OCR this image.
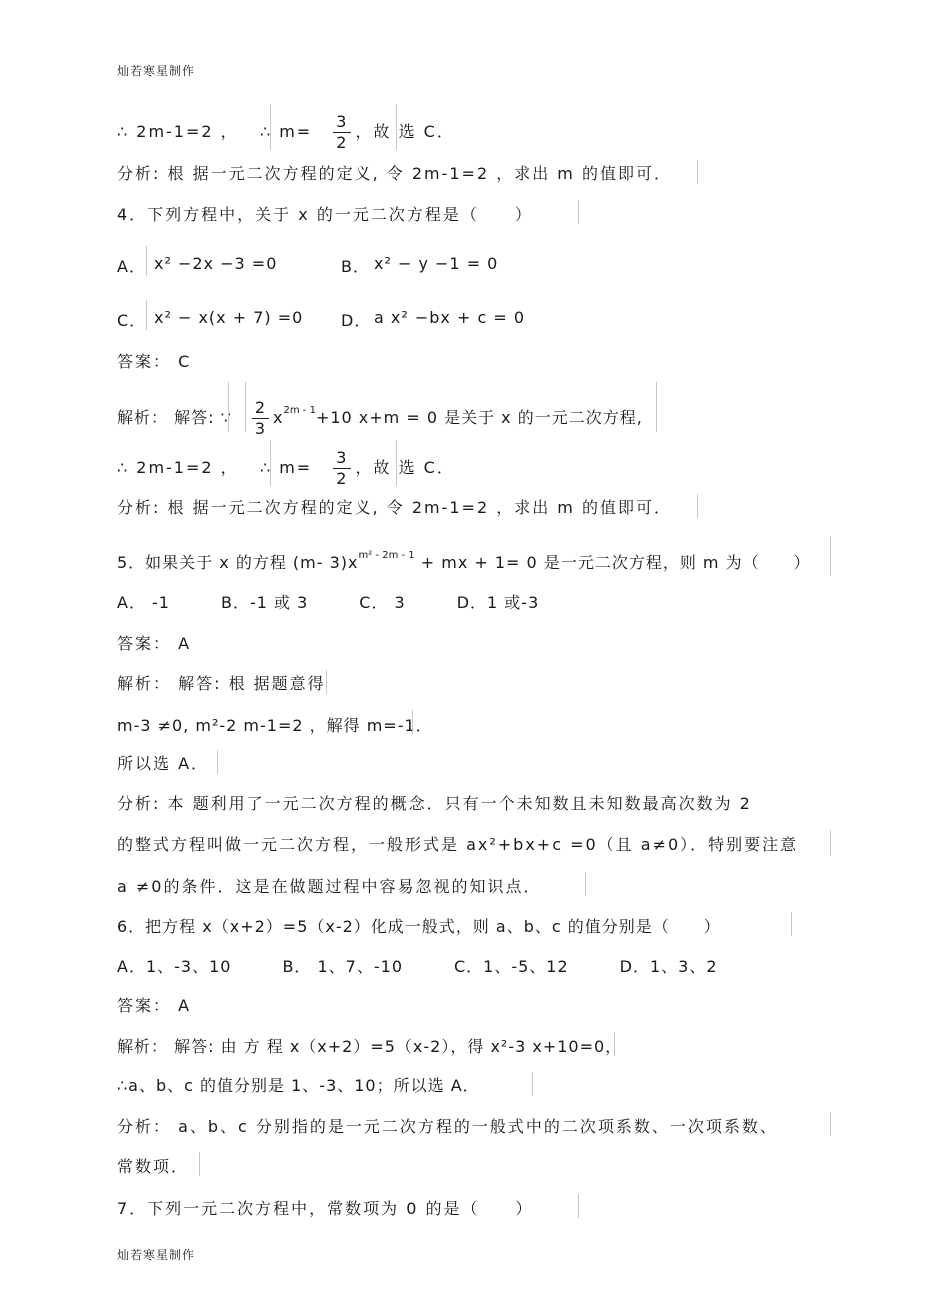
灿若寒星制作
∴ 2m-1=2 ， ∴ $m= \frac{3}{2}$ ，故 选 C．
分析: 根 据一元二次方程的定义, 令 2m-1=2 ，求出 m 的值即可．
4．下列方程中，关于 x 的一元二次方程是（　　）
A． x² −2x −3 =0	B． x² − y −1 = 0
C． x² − x(x + 7) =0 D． a x² −bx + c = 0
答案： C
解析： 解答: ∵ $\frac{2}{3} x^{2m - 1}+10$ x+m = 0 是关于 x 的一元二次方程,
∴ 2m-1=2 ， ∴ $m= \frac{3}{2}$ ，故 选 C．
分析: 根 据一元二次方程的定义, 令 2m-1=2 ，求出 m 的值即可．
5．如果关于 x 的方程 (m- $3)x^{m^2 - 2m - 1}$ + mx + 1= 0 是一元二次方程，则 m 为（　　）
A． -1　　　B．-1 或 3　　　C． 3　　　D．1 或-3
答案： A
解析： 解答: 根 据题意得
m-3 ≠0, m²-2 m-1=2 ，解得 m=-1．
所以选 A．
分析: 本 题利用了一元二次方程的概念．只有一个未知数且未知数最高次数为 2
的整式方程叫做一元二次方程，一般形式是 ax²+bx+c =0（且 a≠0）．特别要注意
a ≠0的条件．这是在做题过程中容易忽视的知识点．
6．把方程 x（x+2）=5（x-2）化成一般式，则 a、b、c 的值分别是（　　）
A．1、-3、10　　　B． 1、7、-10　　　C．1、-5、12　　　D．1、3、2
答案： A
解析： 解答: 由 方 程 x（x+2）=5（x-2），得 x²-3 x+10=0，
∴a、b、c 的值分别是 1、-3、10；所以选 A．
分析： a、b、c 分别指的是一元二次方程的一般式中的二次项系数、一次项系数、
常数项．
7．下列一元二次方程中，常数项为 0 的是（　　）
灿若寒星制作
